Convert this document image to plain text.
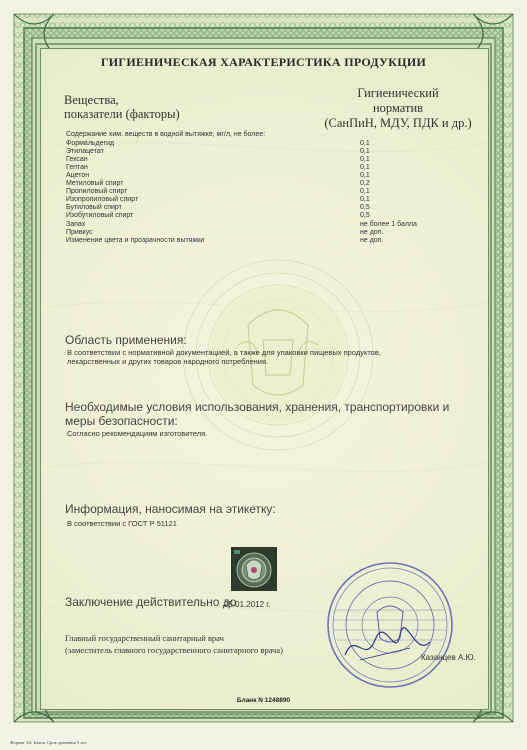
ГИГИЕНИЧЕСКАЯ ХАРАКТЕРИСТИКА ПРОДУКЦИИ
Вещества,
показатели (факторы)
Гигиенический
норматив
(СанПиН, МДУ, ПДК и др.)
Содержание хим. веществ в водной вытяжке, мг/л, не более:
Формальдегид	0,1
Этилацетат	0,1
Гексан	0,1
Гептан	0,1
Ацетон	0,1
Метиловый спирт	0,2
Пропиловый спирт	0,1
Изопропиловый спирт	0,1
Бутиловый спирт	0,5
Изобутиловый спирт	0,5
Запах	не более 1 балла
Привкус	не доп.
Изменение цвета и прозрачности вытяжки	не доп.
Область применения:
В соответствии с нормативной документацией, а также для упаковки пищевых продуктов,
лекарственных и других товаров народного потребления.
Необходимые условия использования, хранения, транспортировки и меры безопасности:
Согласно рекомендациям изготовителя.
Информация, наносимая на этикетку:
В соответствии с ГОСТ Р 51121
Заключение действительно до
25.01.2012 г.
Главный государственный санитарный врач
(заместитель главного государственного санитарного врача)
Казанцев А.Ю.
Бланк N 1248890
Формат А4. Бланк. Срок хранения 5 лет.
